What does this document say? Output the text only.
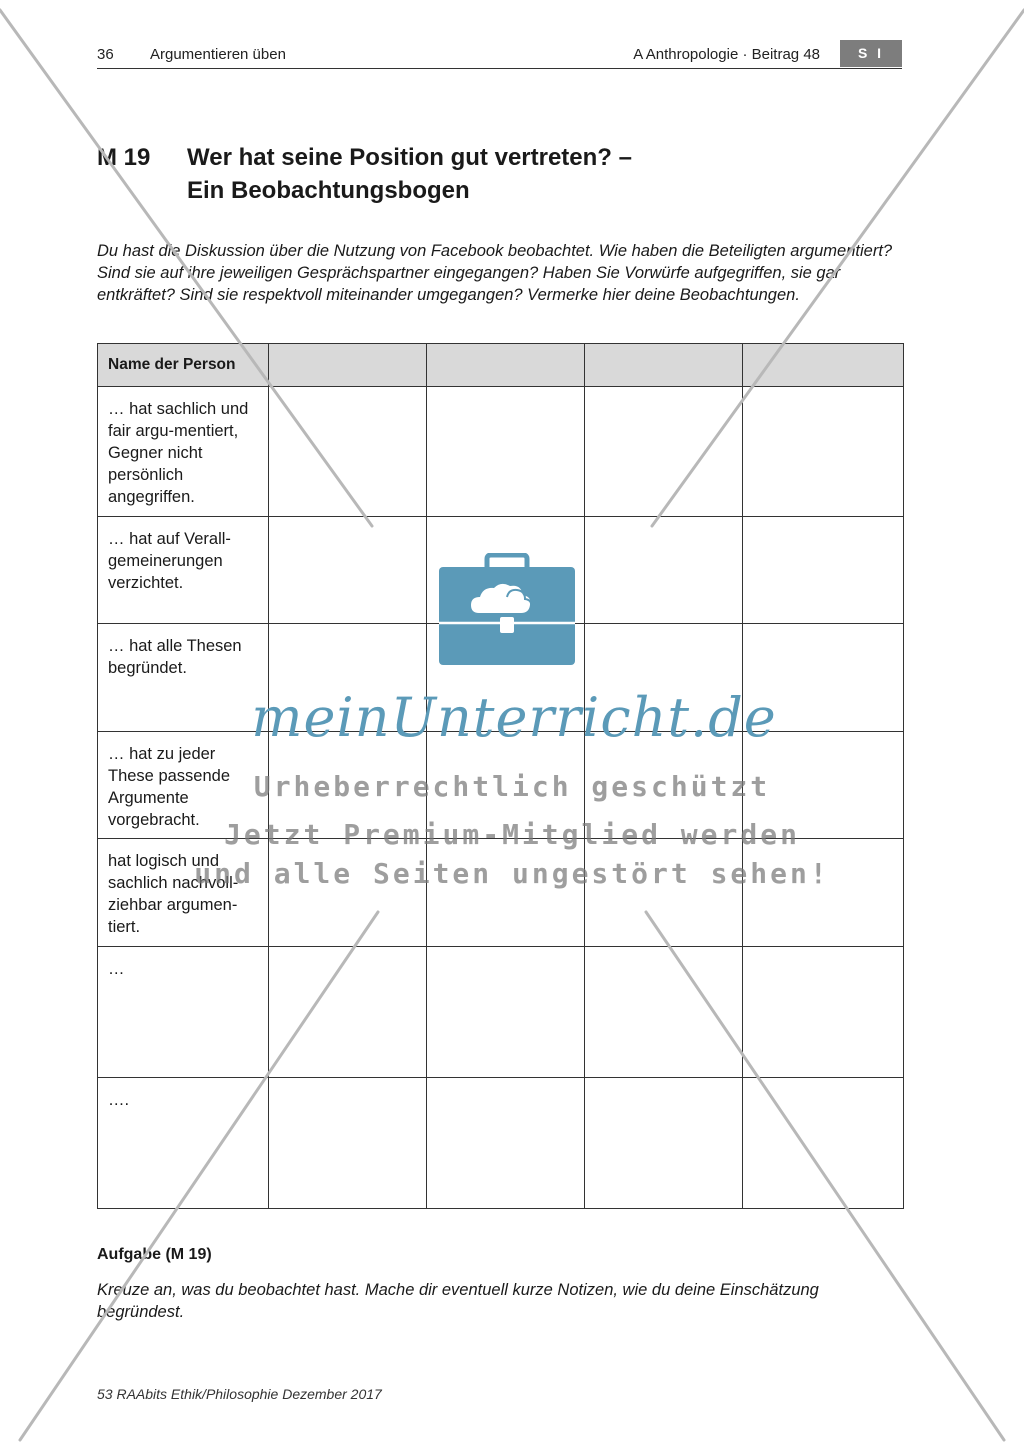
36 Argumentieren üben	A Anthropologie · Beitrag 48	S I
M 19 Wer hat seine Position gut vertreten? –
Ein Beobachtungsbogen
Du hast die Diskussion über die Nutzung von Facebook beobachtet. Wie haben die Beteiligten argumentiert? Sind sie auf ihre jeweiligen Gesprächspartner eingegangen? Haben Sie Vorwürfe aufgegriffen, sie gar entkräftet? Sind sie respektvoll miteinander umgegangen? Vermerke hier deine Beobachtungen.
Name der Person				
… hat sachlich und fair argu-mentiert, Gegner nicht persönlich angegriffen.				
… hat auf Verall-gemeinerungen verzichtet.				
… hat alle Thesen begründet.				
… hat zu jeder These passende Argumente vorgebracht.				
hat logisch und sachlich nachvoll-ziehbar argumen-tiert.				
…				
….				
Aufgabe (M 19)
Kreuze an, was du beobachtet hast. Mache dir eventuell kurze Notizen, wie du deine Einschätzung begründest.
53 RAAbits Ethik/Philosophie Dezember 2017
meinUnterricht.de
Urheberrechtlich geschützt
Jetzt Premium-Mitglied werden
und alle Seiten ungestört sehen!
